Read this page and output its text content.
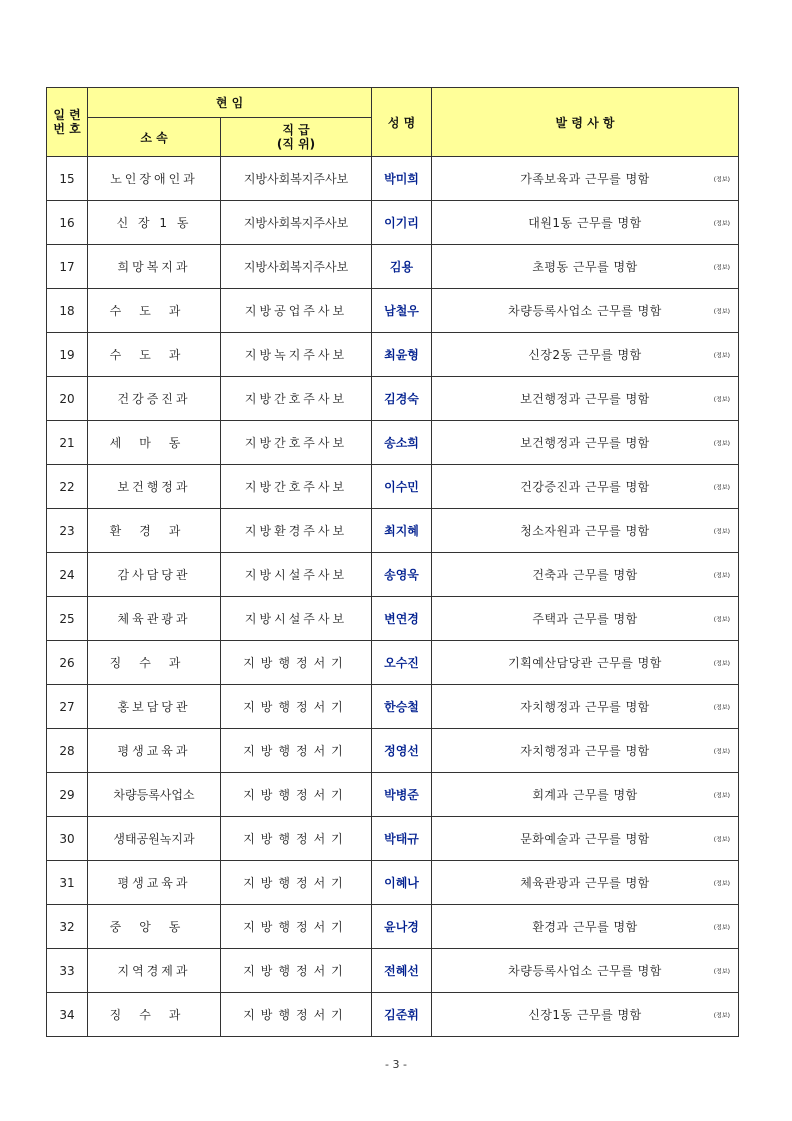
일 련
번 호	현 임		성 명	발 령 사 항
	소 속	직 급
(직 위)		
15	노인장애인과	지방사회복지주사보	박미희	가족보육과 근무를 명함 (정보)

16	신 장 1 동	지방사회복지주사보	이기리	대원1동 근무를 명함 (정보)

17	희망복지과	지방사회복지주사보	김용	초평동 근무를 명함 (정보)

18	수도과	지방공업주사보	남철우	차량등록사업소 근무를 명함 (정보)

19	수도과	지방녹지주사보	최윤형	신장2동 근무를 명함 (정보)

20	건강증진과	지방간호주사보	김경숙	보건행정과 근무를 명함 (정보)

21	세마동	지방간호주사보	송소희	보건행정과 근무를 명함 (정보)

22	보건행정과	지방간호주사보	이수민	건강증진과 근무를 명함 (정보)

23	환경과	지방환경주사보	최지혜	청소자원과 근무를 명함 (정보)

24	감사담당관	지방시설주사보	송영욱	건축과 근무를 명함 (정보)

25	체육관광과	지방시설주사보	변연경	주택과 근무를 명함 (정보)

26	징수과	지방행정서기	오수진	기획예산담당관 근무를 명함 (정보)

27	홍보담당관	지방행정서기	한승철	자치행정과 근무를 명함 (정보)

28	평생교육과	지방행정서기	정영선	자치행정과 근무를 명함 (정보)

29	차량등록사업소	지방행정서기	박병준	회계과 근무를 명함 (정보)

30	생태공원녹지과	지방행정서기	박태규	문화예술과 근무를 명함 (정보)

31	평생교육과	지방행정서기	이혜나	체육관광과 근무를 명함 (정보)

32	중앙동	지방행정서기	윤나경	환경과 근무를 명함 (정보)

33	지역경제과	지방행정서기	전혜선	차량등록사업소 근무를 명함 (정보)

34	징수과	지방행정서기	김준휘	신장1동 근무를 명함 (정보)
- 3 -
